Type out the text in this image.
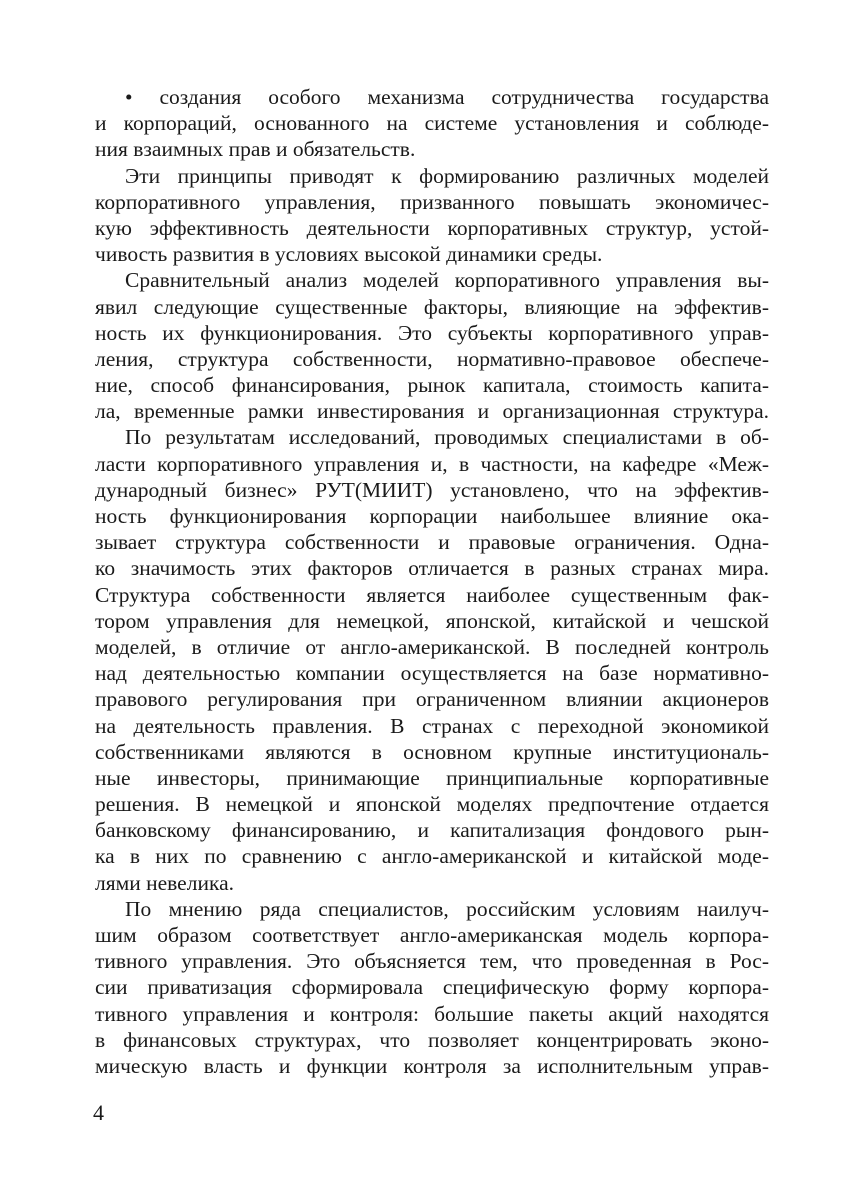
• создания особого механизма сотрудничества государства
и корпораций, основанного на системе установления и соблюде-
ния взаимных прав и обязательств.
Эти принципы приводят к формированию различных моделей
корпоративного управления, призванного повышать экономичес-
кую эффективность деятельности корпоративных структур, устой-
чивость развития в условиях высокой динамики среды.
Сравнительный анализ моделей корпоративного управления вы-
явил следующие существенные факторы, влияющие на эффектив-
ность их функционирования. Это субъекты корпоративного управ-
ления, структура собственности, нормативно-правовое обеспече-
ние, способ финансирования, рынок капитала, стоимость капита-
ла, временные рамки инвестирования и организационная структура.
По результатам исследований, проводимых специалистами в об-
ласти корпоративного управления и, в частности, на кафедре «Меж-
дународный бизнес» РУТ(МИИТ) установлено, что на эффектив-
ность функционирования корпорации наибольшее влияние ока-
зывает структура собственности и правовые ограничения. Одна-
ко значимость этих факторов отличается в разных странах мира.
Структура собственности является наиболее существенным фак-
тором управления для немецкой, японской, китайской и чешской
моделей, в отличие от англо-американской. В последней контроль
над деятельностью компании осуществляется на базе нормативно-
правового регулирования при ограниченном влиянии акционеров
на деятельность правления. В странах с переходной экономикой
собственниками являются в основном крупные институциональ-
ные инвесторы, принимающие принципиальные корпоративные
решения. В немецкой и японской моделях предпочтение отдается
банковскому финансированию, и капитализация фондового рын-
ка в них по сравнению с англо-американской и китайской моде-
лями невелика.
По мнению ряда специалистов, российским условиям наилуч-
шим образом соответствует англо-американская модель корпора-
тивного управления. Это объясняется тем, что проведенная в Рос-
сии приватизация сформировала специфическую форму корпора-
тивного управления и контроля: большие пакеты акций находятся
в финансовых структурах, что позволяет концентрировать эконо-
мическую власть и функции контроля за исполнительным управ-
4
